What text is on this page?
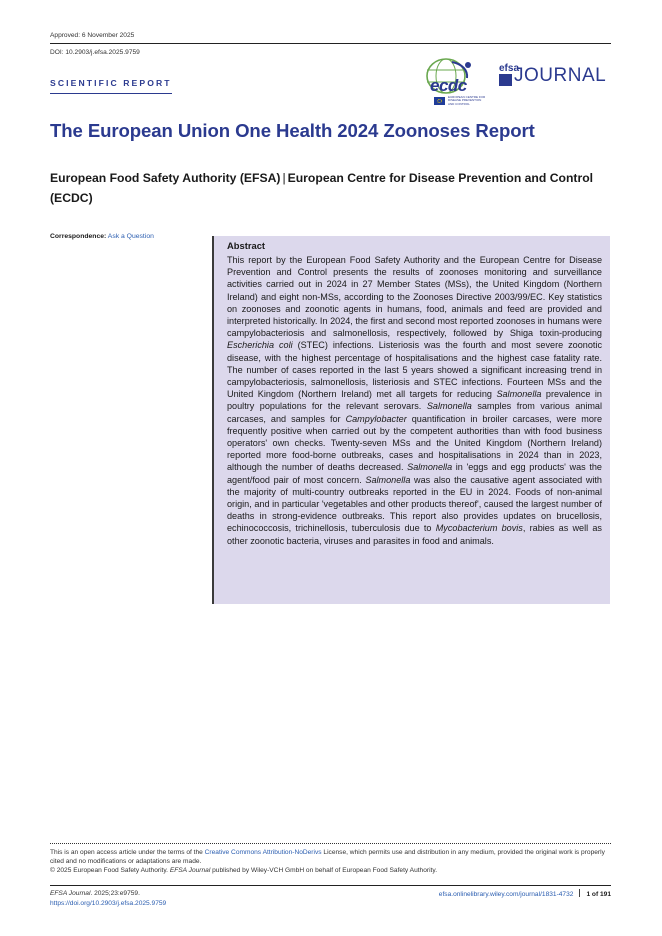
Approved: 6 November 2025
DOI: 10.2903/j.efsa.2025.9759
SCIENTIFIC REPORT	ecdc
EUROPEAN CENTRE FOR DISEASE PREVENTION AND CONTROL
efsa
JOURNAL
The European Union One Health 2024 Zoonoses Report
European Food Safety Authority (EFSA) | European Centre for Disease Prevention and Control (ECDC)
Correspondence: Ask a Question
Abstract

This report by the European Food Safety Authority and the European Centre for Disease Prevention and Control presents the results of zoonoses monitoring and surveillance activities carried out in 2024 in 27 Member States (MSs), the United Kingdom (Northern Ireland) and eight non-MSs, according to the Zoonoses Directive 2003/99/EC. Key statistics on zoonoses and zoonotic agents in humans, food, animals and feed are provided and interpreted historically. In 2024, the first and second most reported zoonoses in humans were campylobacteriosis and salmonellosis, respectively, followed by Shiga toxin-producing Escherichia coli (STEC) infections. Listeriosis was the fourth and most severe zoonotic disease, with the highest percentage of hospitalisations and the highest case fatality rate. The number of cases reported in the last 5 years showed a significant increasing trend in campylobacteriosis, salmonellosis, listeriosis and STEC infections. Fourteen MSs and the United Kingdom (Northern Ireland) met all targets for reducing Salmonella prevalence in poultry populations for the relevant serovars. Salmonella samples from various animal carcases, and samples for Campylobacter quantification in broiler carcases, were more frequently positive when carried out by the competent authorities than with food business operators' own checks. Twenty-seven MSs and the United Kingdom (Northern Ireland) reported more food-borne outbreaks, cases and hospitalisations in 2024 than in 2023, although the number of deaths decreased. Salmonella in 'eggs and egg products' was the agent/food pair of most concern. Salmonella was also the causative agent associated with the majority of multi-country outbreaks reported in the EU in 2024. Foods of non-animal origin, and in particular 'vegetables and other products thereof', caused the largest number of deaths in strong-evidence outbreaks. This report also provides updates on brucellosis, echinococcosis, trichinellosis, tuberculosis due to Mycobacterium bovis, rabies as well as other zoonotic bacteria, viruses and parasites in food and animals.

This is an open access article under the terms of the Creative Commons Attribution-NoDerivs License, which permits use and distribution in any medium, provided the original work is properly cited and no modifications or adaptations are made.
© 2025 European Food Safety Authority. EFSA Journal published by Wiley-VCH GmbH on behalf of European Food Safety Authority.
EFSA Journal. 2025;23:e9759.
https://doi.org/10.2903/j.efsa.2025.9759
efsa.onlinelibrary.wiley.com/journal/1831-4732 1 of 191
